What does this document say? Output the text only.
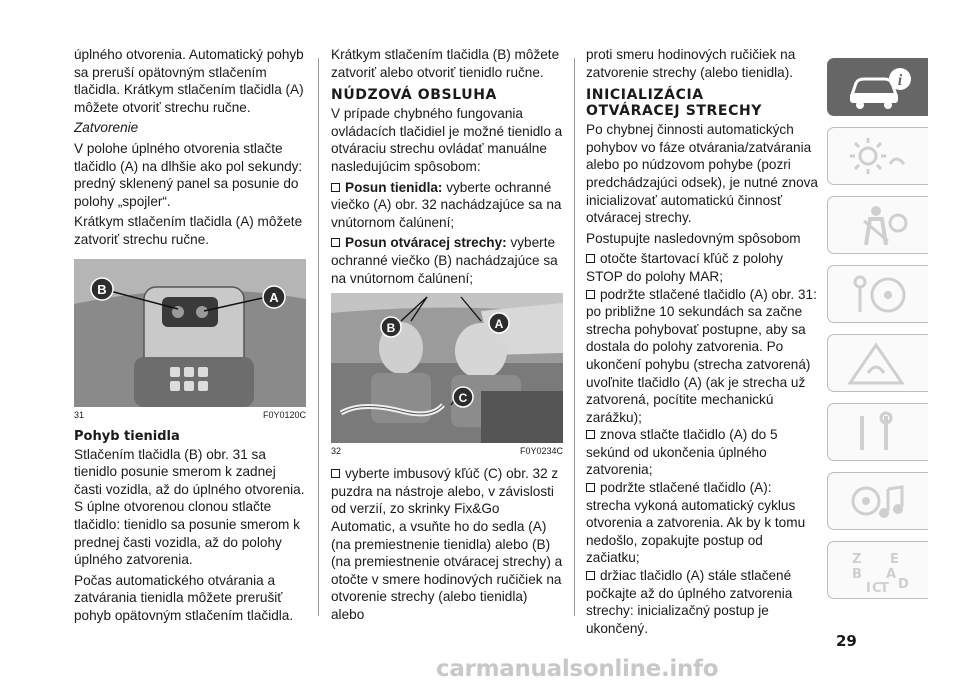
úplného otvorenia. Automatický pohyb sa preruší opätovným stlačením tlačidla. Krátkym stlačením tlačidla (A) môžete otvoriť strechu ručne.

Zatvorenie

V polohe úplného otvorenia stlačte tlačidlo (A) na dlhšie ako pol sekundy: predný sklenený panel sa posunie do polohy „spojler“.

Krátkym stlačením tlačidla (A) môžete zatvoriť strechu ručne.

B
A
31	F0Y0120C
Pohyb tienidla

Stlačením tlačidla (B) obr. 31 sa tienidlo posunie smerom k zadnej časti vozidla, až do úplného otvorenia. S úplne otvorenou clonou stlačte tlačidlo: tienidlo sa posunie smerom k prednej časti vozidla, až do polohy úplného zatvorenia.

Počas automatického otvárania a zatvárania tienidla môžete prerušiť pohyb opätovným stlačením tlačidla.

Krátkym stlačením tlačidla (B) môžete zatvoriť alebo otvoriť tienidlo ručne.

NÚDZOVÁ OBSLUHA

V prípade chybného fungovania ovládacích tlačidiel je možné tienidlo a otváraciu strechu ovládať manuálne nasledujúcim spôsobom:

Posun tienidla: vyberte ochranné viečko (A) obr. 32 nachádzajúce sa na vnútornom čalúnení;

Posun otváracej strechy: vyberte ochranné viečko (B) nachádzajúce sa na vnútornom čalúnení;

B	A
C
32	F0Y0234C

vyberte imbusový kľúč (C) obr. 32 z puzdra na nástroje alebo, v závislosti od verzií, zo skrinky Fix&Go Automatic, a vsuňte ho do sedla (A) (na premiestnenie tienidla) alebo (B) (na premiestnenie otváracej strechy) a otočte v smere hodinových ručičiek na otvorenie strechy (alebo tienidla) alebo

proti smeru hodinových ručičiek na zatvorenie strechy (alebo tienidla).

INICIALIZÁCIA
OTVÁRACEJ STRECHY

Po chybnej činnosti automatických pohybov vo fáze otvárania/zatvárania alebo po núdzovom pohybe (pozri predchádzajúci odsek), je nutné znova inicializovať automatickú činnosť otváracej strechy.

Postupujte nasledovným spôsobom

otočte štartovací kľúč z polohy STOP do polohy MAR;

podržte stlačené tlačidlo (A) obr. 31: po približne 10 sekundách sa začne strecha pohybovať postupne, aby sa dostala do polohy zatvorenia. Po ukončení pohybu (strecha zatvorená) uvoľnite tlačidlo (A) (ak je strecha už zatvorená, pocítite mechanickú zarážku);

znova stlačte tlačidlo (A) do 5 sekúnd od ukončenia úplného zatvorenia;

podržte stlačené tlačidlo (A): strecha vykoná automatický cyklus otvorenia a zatvorenia. Ak by k tomu nedošlo, zopakujte postup od začiatku;

držiac tlačidlo (A) stále stlačené počkajte až do úplného zatvorenia strechy: inicializačný postup je ukončený.

i
Z E
B A
I C
T D
29
carmanualsonline.info
